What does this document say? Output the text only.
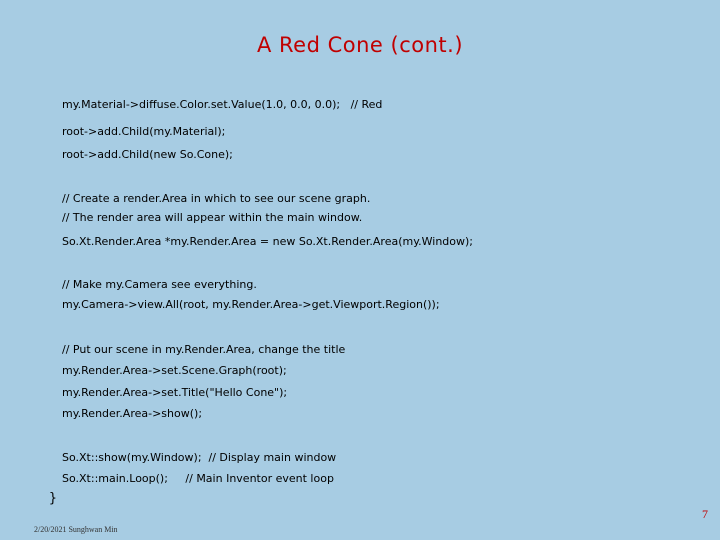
A Red Cone (cont.)
my.Material->diffuse.Color.set.Value(1.0, 0.0, 0.0);   // Red
root->add.Child(my.Material);
root->add.Child(new So.Cone);
// Create a render.Area in which to see our scene graph.
// The render area will appear within the main window.
So.Xt.Render.Area *my.Render.Area = new So.Xt.Render.Area(my.Window);
// Make my.Camera see everything.
my.Camera->view.All(root, my.Render.Area->get.Viewport.Region());
// Put our scene in my.Render.Area, change the title
my.Render.Area->set.Scene.Graph(root);
my.Render.Area->set.Title("Hello Cone");
my.Render.Area->show();
So.Xt::show(my.Window);  // Display main window
So.Xt::main.Loop();     // Main Inventor event loop
}
2/20/2021 Sunghwan Min
7
